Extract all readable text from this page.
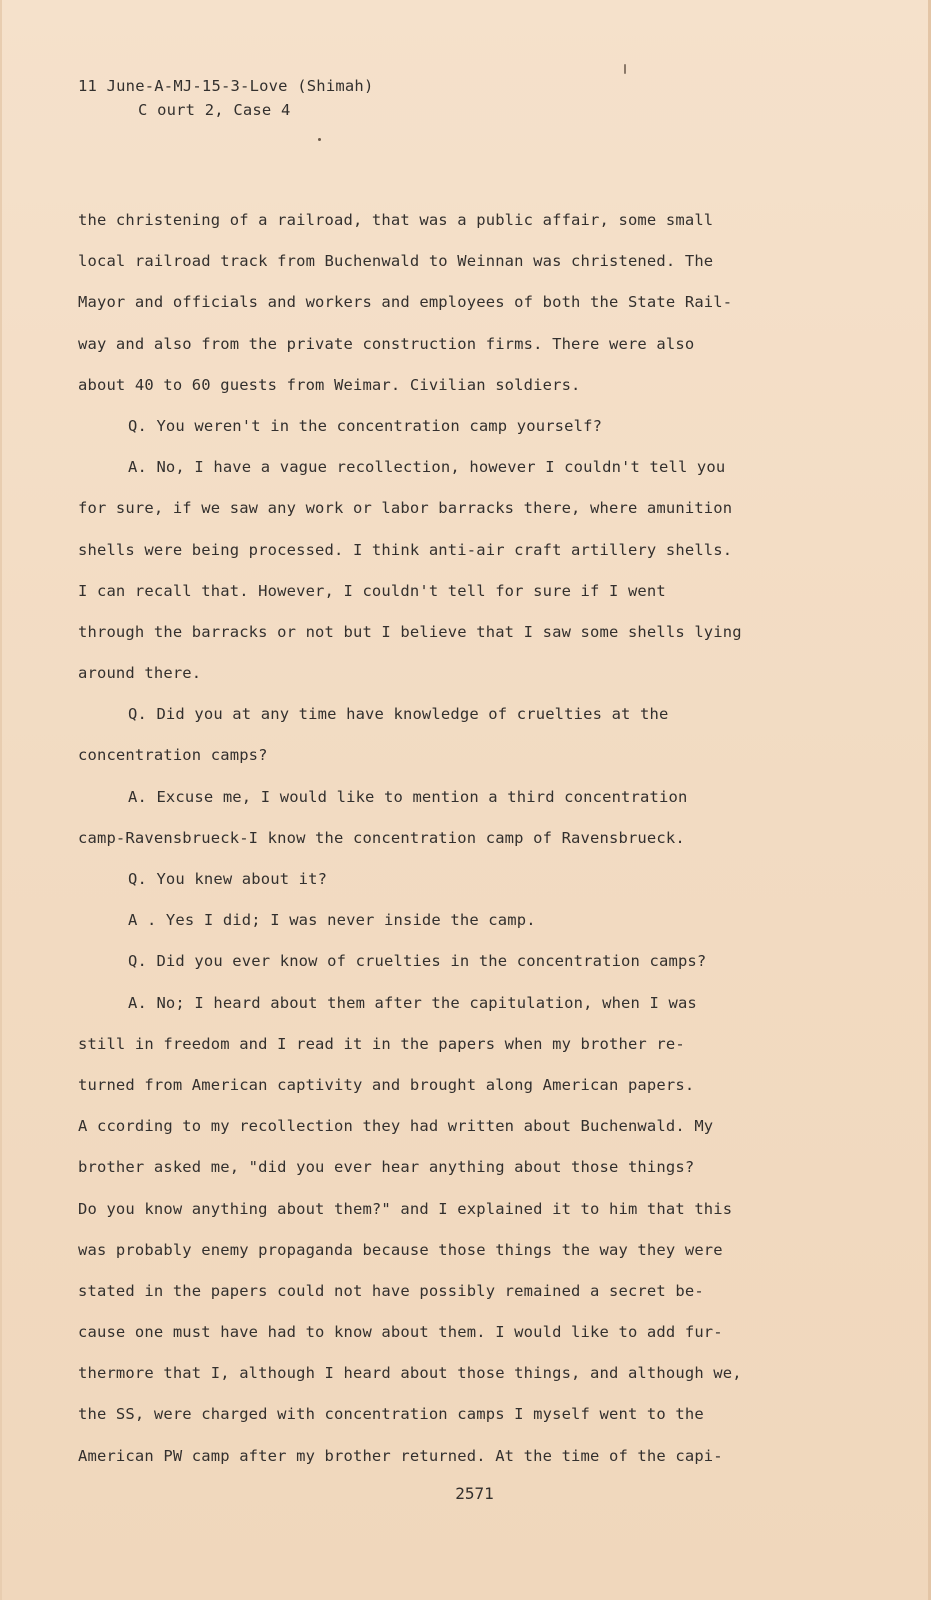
11 June-A-MJ-15-3-Love (Shimah)
C ourt 2, Case 4

the christening of a railroad, that was a public affair, some small

local railroad track from Buchenwald to Weinnan was christened. The

Mayor and officials and workers and employees of both the State Rail-

way and also from the private construction firms. There were also

about 40 to 60 guests from Weimar. Civilian soldiers.

Q. You weren't in the concentration camp yourself?

A. No, I have a vague recollection, however I couldn't tell you

for sure, if we saw any work or labor barracks there, where amunition

shells were being processed. I think anti-air craft artillery shells.

I can recall that. However, I couldn't tell for sure if I went

through the barracks or not but I believe that I saw some shells lying

around there.

Q. Did you at any time have knowledge of cruelties at the

concentration camps?

A. Excuse me, I would like to mention a third concentration

camp-Ravensbrueck-I know the concentration camp of Ravensbrueck.

Q. You knew about it?

A . Yes I did; I was never inside the camp.

Q. Did you ever know of cruelties in the concentration camps?

A. No; I heard about them after the capitulation, when I was

still in freedom and I read it in the papers when my brother re-

turned from American captivity and brought along American papers.

A ccording to my recollection they had written about Buchenwald. My

brother asked me, "did you ever hear anything about those things?

Do you know anything about them?" and I explained it to him that this

was probably enemy propaganda because those things the way they were

stated in the papers could not have possibly remained a secret be-

cause one must have had to know about them. I would like to add fur-

thermore that I, although I heard about those things, and although we,

the SS, were charged with concentration camps I myself went to the

American PW camp after my brother returned. At the time of the capi-

2571
